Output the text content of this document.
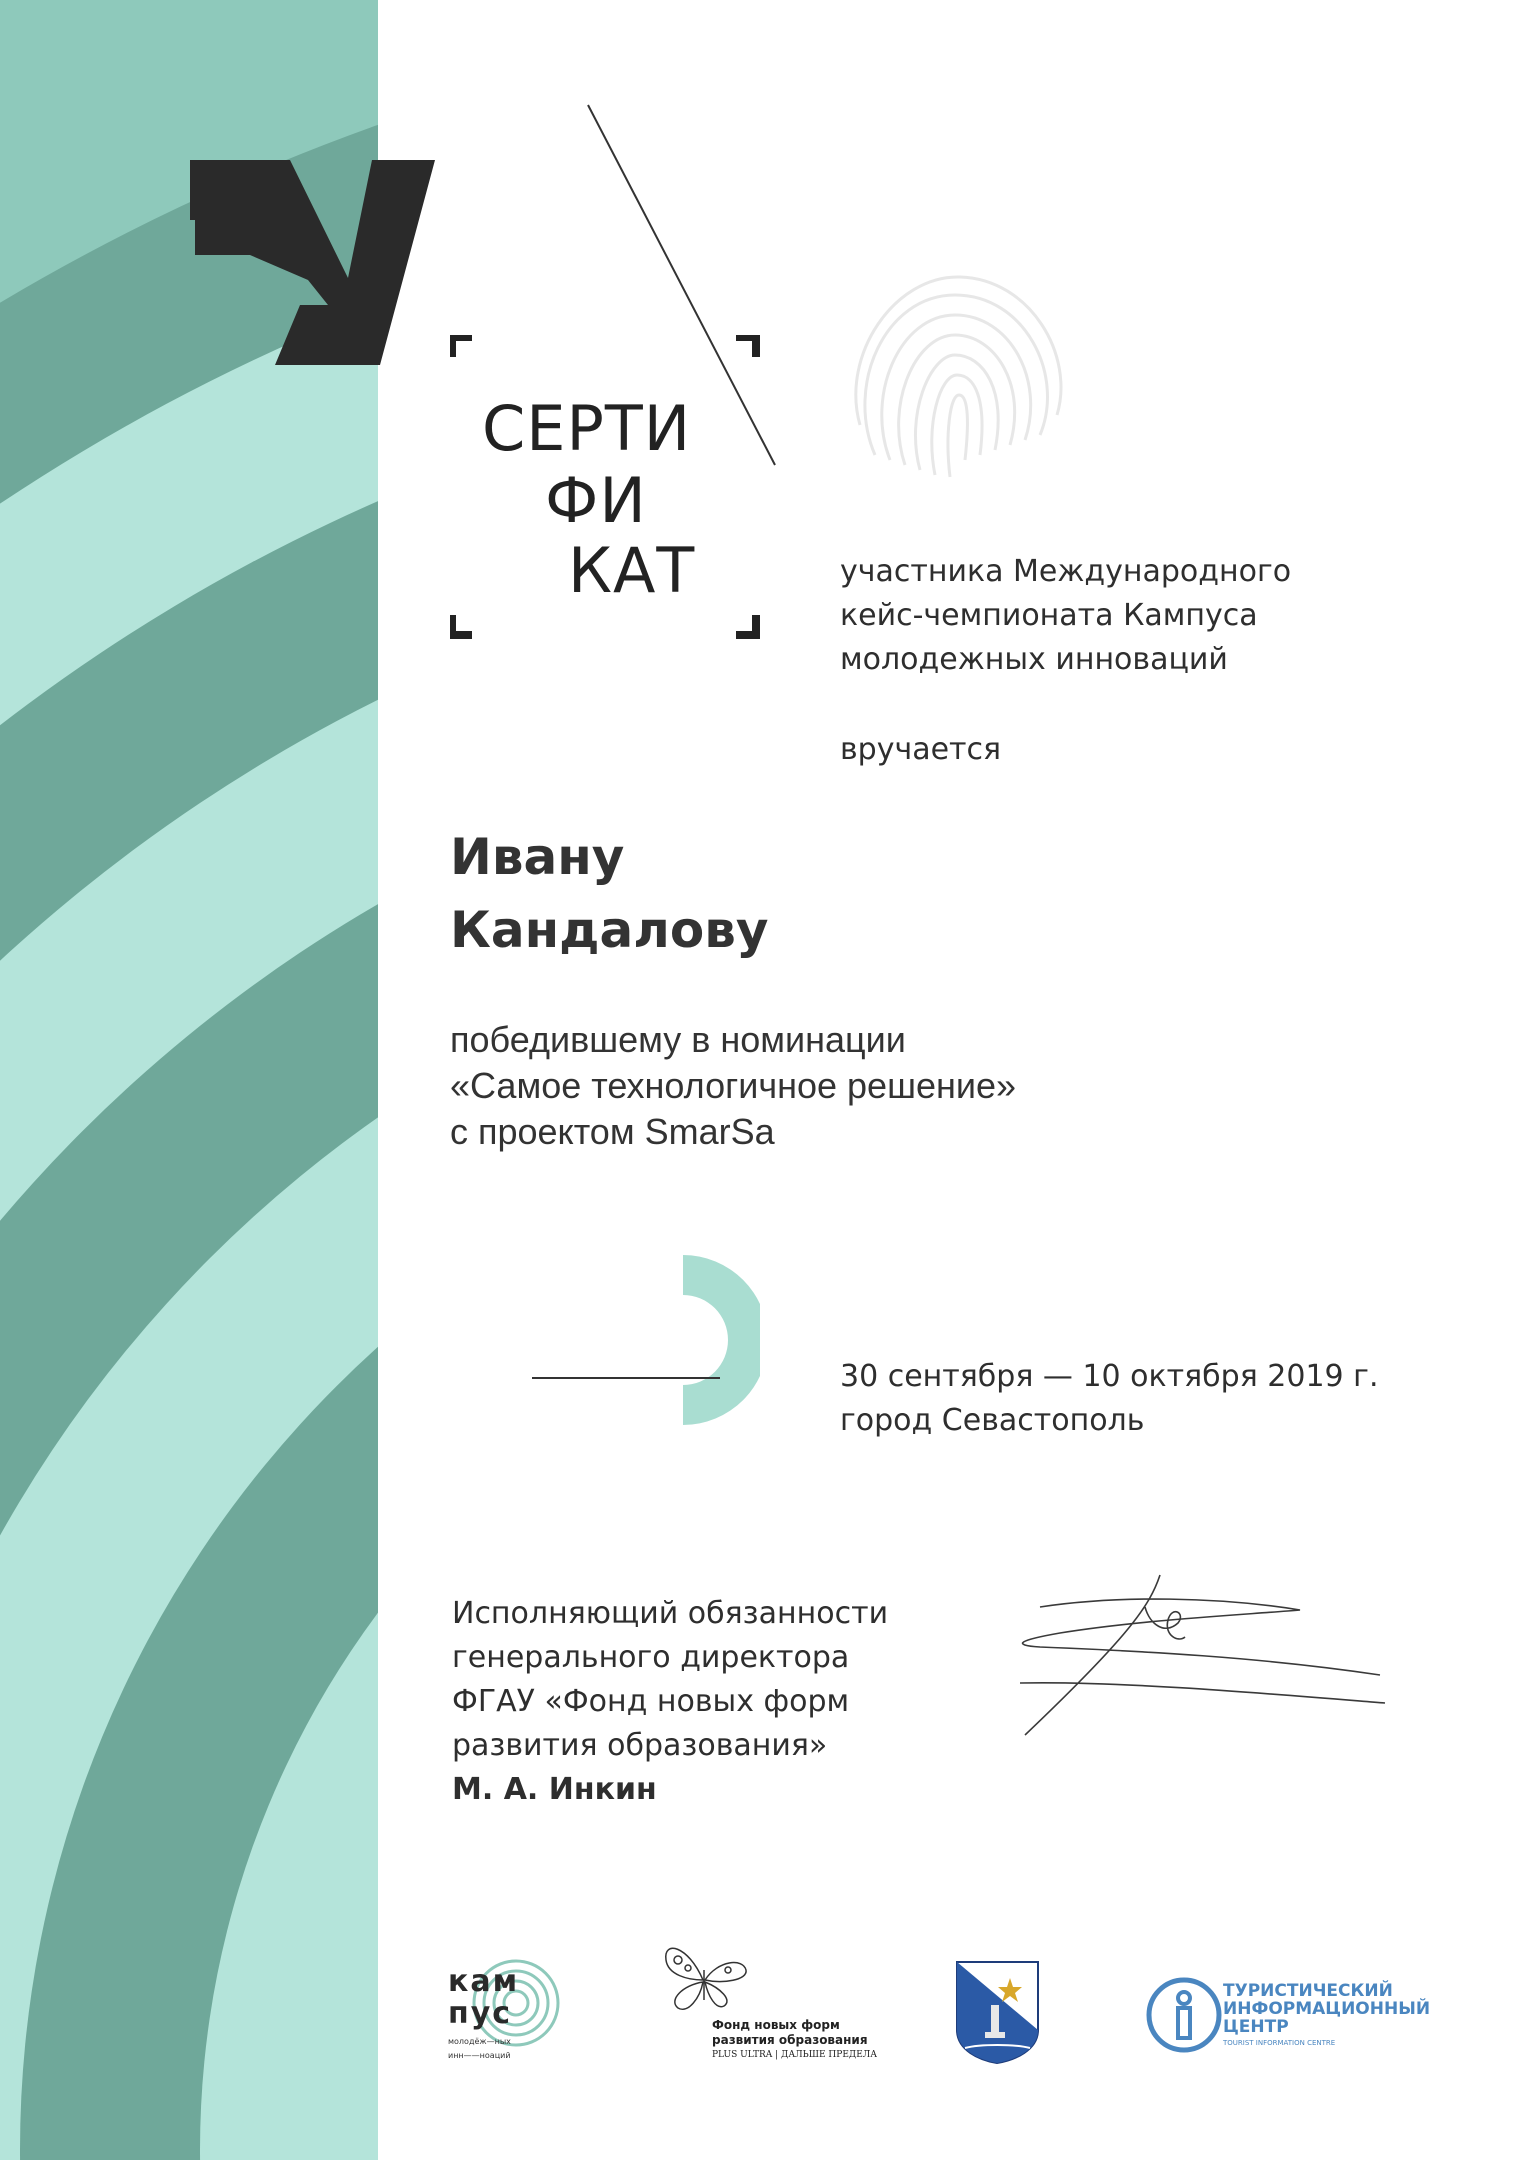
СЕРТИ
ФИ
КАТ	участника Международного
кейс-чемпионата Кампуса
молодежных инноваций
вручается
Ивану
Кандалову
победившему в номинации
«Самое технологичное решение»
с проектом SmarSa
30 сентября — 10 октября 2019 г.
город Севастополь
Исполняющий обязанности
генерального директора
ФГАУ «Фонд новых форм
развития образования»
М. А. Инкин
кам
пус
молодёж—ных
инн——ноаций
Фонд новых форм
развития образования
PLUS ULTRA | ДАЛЬШЕ ПРЕДЕЛА
ТУРИСТИЧЕСКИЙ
ИНФОРМАЦИОННЫЙ
ЦЕНТР
TOURIST INFORMATION CENTRE
